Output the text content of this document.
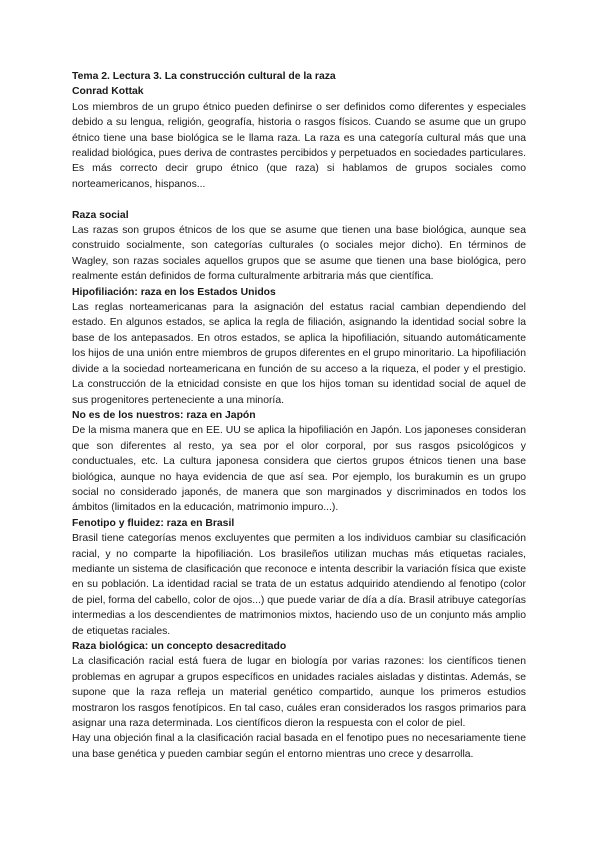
Tema 2. Lectura 3. La construcción cultural de la raza
Conrad Kottak

Los miembros de un grupo étnico pueden definirse o ser definidos como diferentes y especiales debido a su lengua, religión, geografía, historia o rasgos físicos. Cuando se asume que un grupo étnico tiene una base biológica se le llama raza. La raza es una categoría cultural más que una realidad biológica, pues deriva de contrastes percibidos y perpetuados en sociedades particulares. Es más correcto decir grupo étnico (que raza) si hablamos de grupos sociales como norteamericanos, hispanos...

Raza social

Las razas son grupos étnicos de los que se asume que tienen una base biológica, aunque sea construido socialmente, son categorías culturales (o sociales mejor dicho). En términos de Wagley, son razas sociales aquellos grupos que se asume que tienen una base biológica, pero realmente están definidos de forma culturalmente arbitraria más que científica.

Hipofiliación: raza en los Estados Unidos

Las reglas norteamericanas para la asignación del estatus racial cambian dependiendo del estado. En algunos estados, se aplica la regla de filiación, asignando la identidad social sobre la base de los antepasados. En otros estados, se aplica la hipofiliación, situando automáticamente los hijos de una unión entre miembros de grupos diferentes en el grupo minoritario. La hipofiliación divide a la sociedad norteamericana en función de su acceso a la riqueza, el poder y el prestigio. La construcción de la etnicidad consiste en que los hijos toman su identidad social de aquel de sus progenitores perteneciente a una minoría.

No es de los nuestros: raza en Japón

De la misma manera que en EE. UU se aplica la hipofiliación en Japón. Los japoneses consideran que son diferentes al resto, ya sea por el olor corporal, por sus rasgos psicológicos y conductuales, etc. La cultura japonesa considera que ciertos grupos étnicos tienen una base biológica, aunque no haya evidencia de que así sea. Por ejemplo, los burakumin es un grupo social no considerado japonés, de manera que son marginados y discriminados en todos los ámbitos (limitados en la educación, matrimonio impuro...).

Fenotipo y fluidez: raza en Brasil

Brasil tiene categorías menos excluyentes que permiten a los individuos cambiar su clasificación racial, y no comparte la hipofiliación. Los brasileños utilizan muchas más etiquetas raciales, mediante un sistema de clasificación que reconoce e intenta describir la variación física que existe en su población. La identidad racial se trata de un estatus adquirido atendiendo al fenotipo (color de piel, forma del cabello, color de ojos...) que puede variar de día a día. Brasil atribuye categorías intermedias a los descendientes de matrimonios mixtos, haciendo uso de un conjunto más amplio de etiquetas raciales.

Raza biológica: un concepto desacreditado

La clasificación racial está fuera de lugar en biología por varias razones: los científicos tienen problemas en agrupar a grupos específicos en unidades raciales aisladas y distintas. Además, se supone que la raza refleja un material genético compartido, aunque los primeros estudios mostraron los rasgos fenotípicos. En tal caso, cuáles eran considerados los rasgos primarios para asignar una raza determinada. Los científicos dieron la respuesta con el color de piel.

Hay una objeción final a la clasificación racial basada en el fenotipo pues no necesariamente tiene una base genética y pueden cambiar según el entorno mientras uno crece y desarrolla.
